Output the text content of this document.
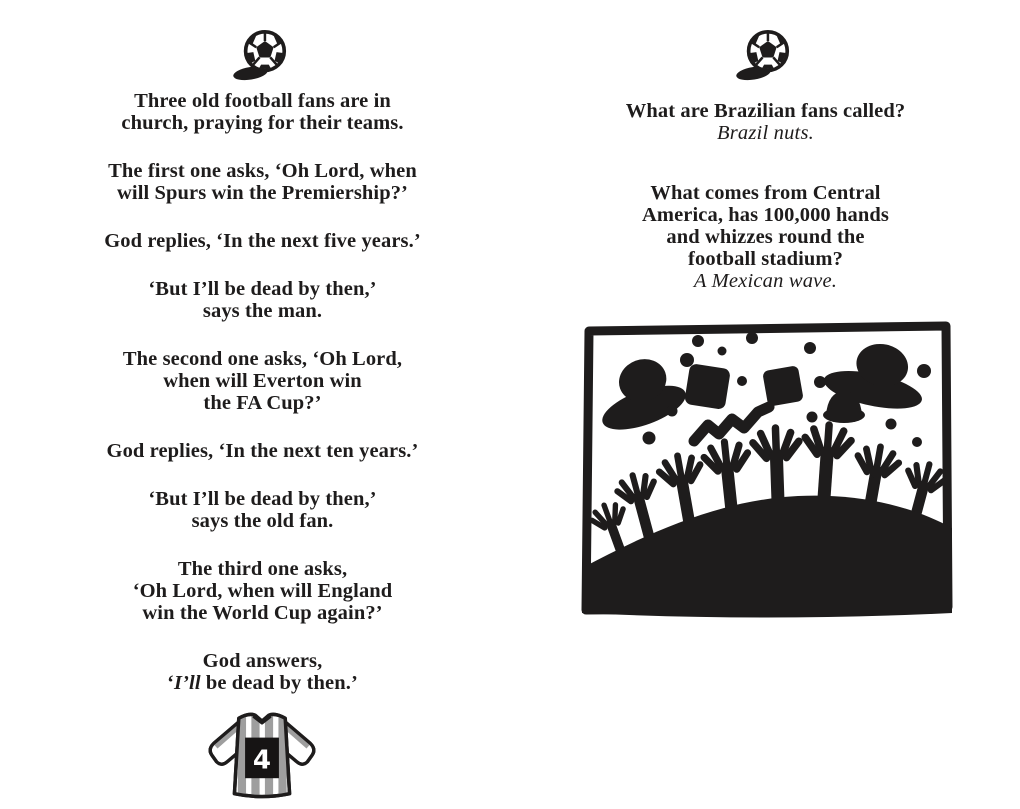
Three old football fans are in
church, praying for their teams.
The first one asks, ‘Oh Lord, when
will Spurs win the Premiership?’
God replies, ‘In the next five years.’
‘But I’ll be dead by then,’
says the man.
The second one asks, ‘Oh Lord,
when will Everton win
the FA Cup?’
God replies, ‘In the next ten years.’
‘But I’ll be dead by then,’
says the old fan.
The third one asks,
‘Oh Lord, when will England
win the World Cup again?’
God answers,
‘I’ll be dead by then.’
4
What are Brazilian fans called?
Brazil nuts.
What comes from Central
America, has 100,000 hands
and whizzes round the
football stadium?
A Mexican wave.
